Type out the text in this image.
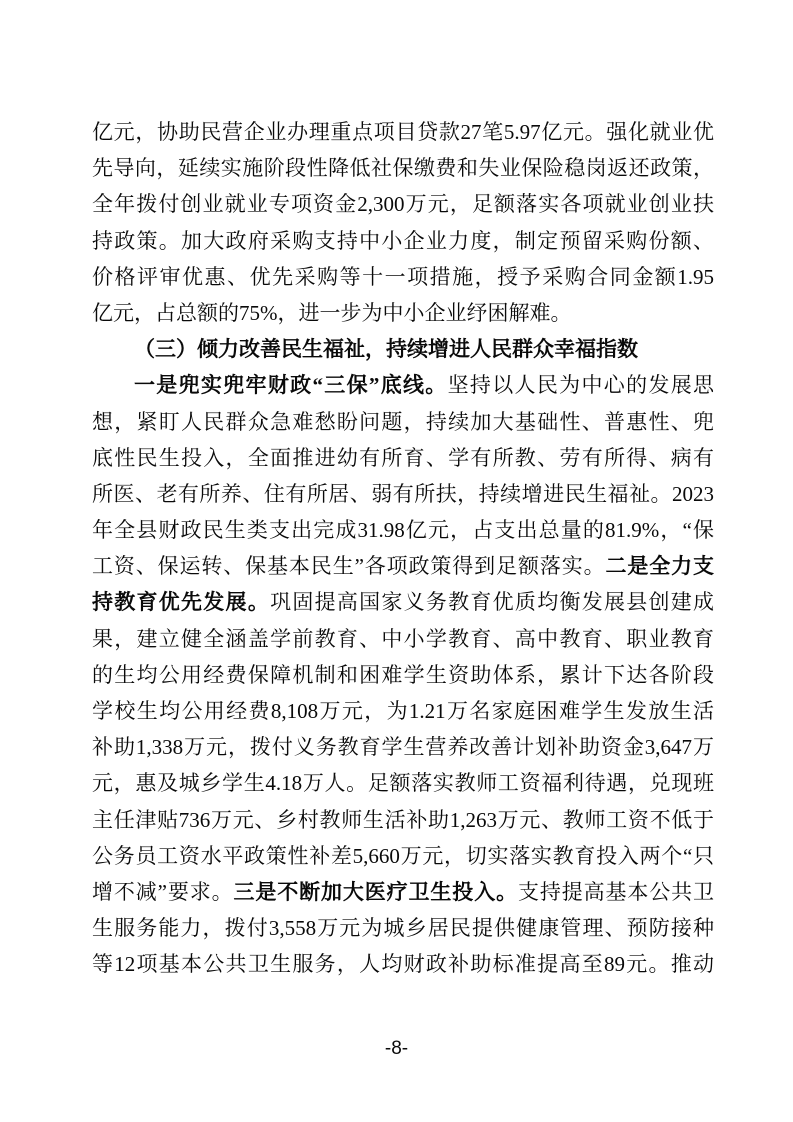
亿元，协助民营企业办理重点项目贷款27笔5.97亿元。强化就业优
先导向，延续实施阶段性降低社保缴费和失业保险稳岗返还政策，
全年拨付创业就业专项资金2,300万元，足额落实各项就业创业扶
持政策。加大政府采购支持中小企业力度，制定预留采购份额、
价格评审优惠、优先采购等十一项措施，授予采购合同金额1.95
亿元，占总额的75%，进一步为中小企业纾困解难。
（三）倾力改善民生福祉，持续增进人民群众幸福指数
一是兜实兜牢财政“三保”底线。坚持以人民为中心的发展思
想，紧盯人民群众急难愁盼问题，持续加大基础性、普惠性、兜
底性民生投入，全面推进幼有所育、学有所教、劳有所得、病有
所医、老有所养、住有所居、弱有所扶，持续增进民生福祉。2023
年全县财政民生类支出完成31.98亿元，占支出总量的81.9%，“保
工资、保运转、保基本民生”各项政策得到足额落实。二是全力支
持教育优先发展。巩固提高国家义务教育优质均衡发展县创建成
果，建立健全涵盖学前教育、中小学教育、高中教育、职业教育
的生均公用经费保障机制和困难学生资助体系，累计下达各阶段
学校生均公用经费8,108万元，为1.21万名家庭困难学生发放生活
补助1,338万元，拨付义务教育学生营养改善计划补助资金3,647万
元，惠及城乡学生4.18万人。足额落实教师工资福利待遇，兑现班
主任津贴736万元、乡村教师生活补助1,263万元、教师工资不低于
公务员工资水平政策性补差5,660万元，切实落实教育投入两个“只
增不减”要求。三是不断加大医疗卫生投入。支持提高基本公共卫
生服务能力，拨付3,558万元为城乡居民提供健康管理、预防接种
等12项基本公共卫生服务，人均财政补助标准提高至89元。推动
-8-
